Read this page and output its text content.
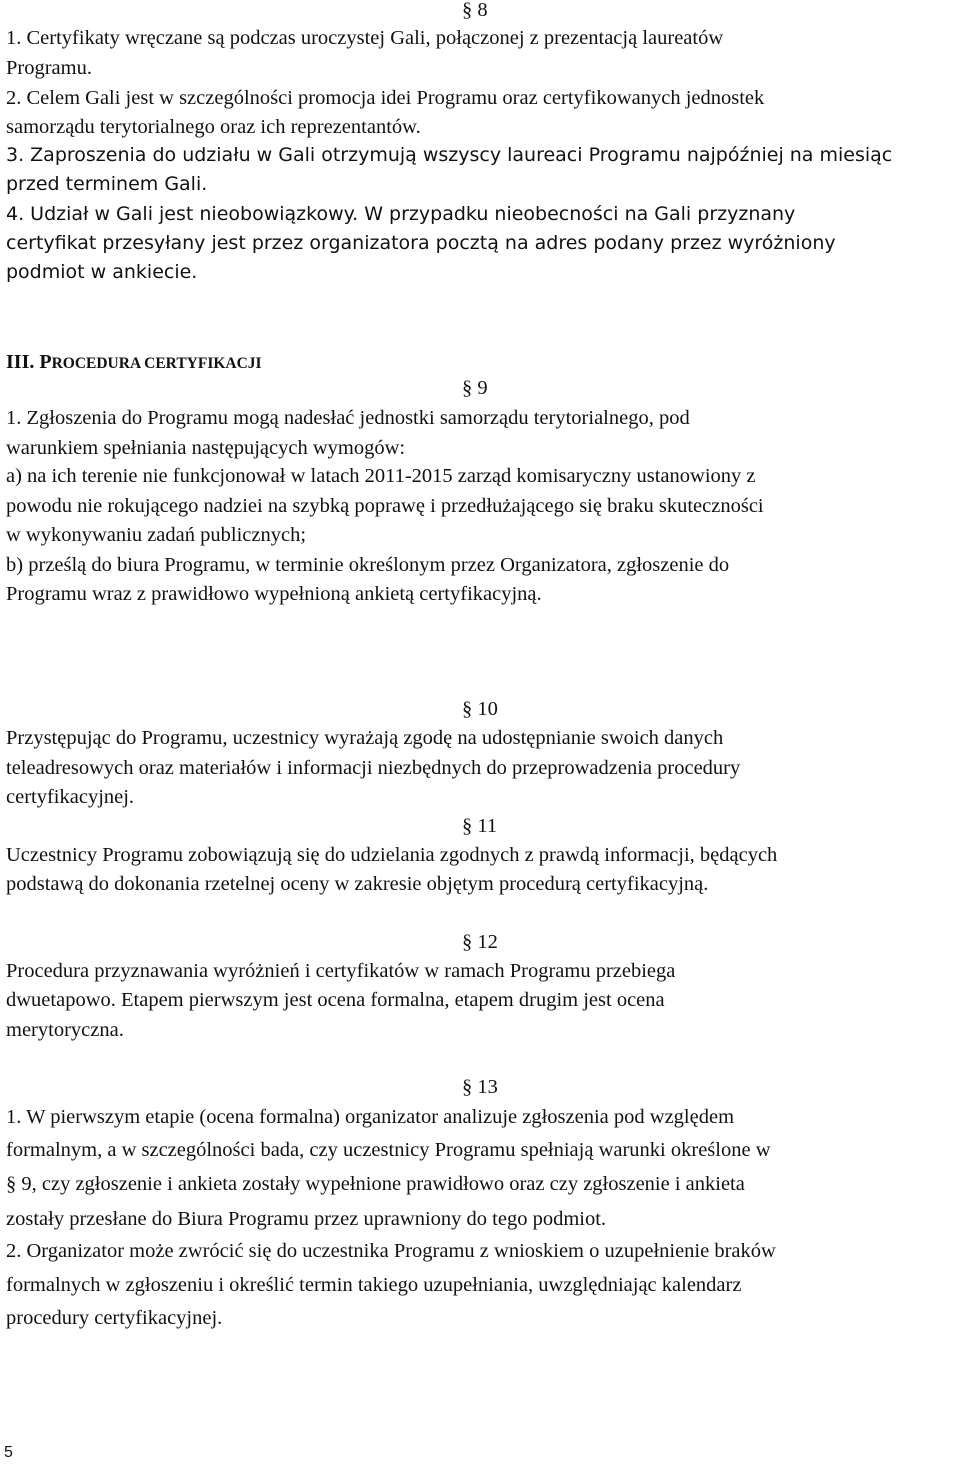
§ 8

1. Certyfikaty wręczane są podczas uroczystej Gali, połączonej z prezentacją laureatów

Programu.

2. Celem Gali jest w szczególności promocja idei Programu oraz certyfikowanych jednostek

samorządu terytorialnego oraz ich reprezentantów.

3. Zaproszenia do udziału w Gali otrzymują wszyscy laureaci Programu najpóźniej na miesiąc

przed terminem Gali.

4. Udział w Gali jest nieobowiązkowy. W przypadku nieobecności na Gali przyznany

certyfikat przesyłany jest przez organizatora pocztą na adres podany przez wyróżniony

podmiot w ankiecie.

III. PROCEDURA CERTYFIKACJI

§ 9

1. Zgłoszenia do Programu mogą nadesłać jednostki samorządu terytorialnego, pod

warunkiem spełniania następujących wymogów:

a) na ich terenie nie funkcjonował w latach 2011-2015 zarząd komisaryczny ustanowiony z

powodu nie rokującego nadziei na szybką poprawę i przedłużającego się braku skuteczności

w wykonywaniu zadań publicznych;

b) prześlą do biura Programu, w terminie określonym przez Organizatora, zgłoszenie do

Programu wraz z prawidłowo wypełnioną ankietą certyfikacyjną.

§ 10

Przystępując do Programu, uczestnicy wyrażają zgodę na udostępnianie swoich danych

teleadresowych oraz materiałów i informacji niezbędnych do przeprowadzenia procedury

certyfikacyjnej.

§ 11

Uczestnicy Programu zobowiązują się do udzielania zgodnych z prawdą informacji, będących

podstawą do dokonania rzetelnej oceny w zakresie objętym procedurą certyfikacyjną.

§ 12

Procedura przyznawania wyróżnień i certyfikatów w ramach Programu przebiega

dwuetapowo. Etapem pierwszym jest ocena formalna, etapem drugim jest ocena

merytoryczna.

§ 13

1. W pierwszym etapie (ocena formalna) organizator analizuje zgłoszenia pod względem

formalnym, a w szczególności bada, czy uczestnicy Programu spełniają warunki określone w

§ 9, czy zgłoszenie i ankieta zostały wypełnione prawidłowo oraz czy zgłoszenie i ankieta

zostały przesłane do Biura Programu przez uprawniony do tego podmiot.

2. Organizator może zwrócić się do uczestnika Programu z wnioskiem o uzupełnienie braków

formalnych w zgłoszeniu i określić termin takiego uzupełniania, uwzględniając kalendarz

procedury certyfikacyjnej.

5
